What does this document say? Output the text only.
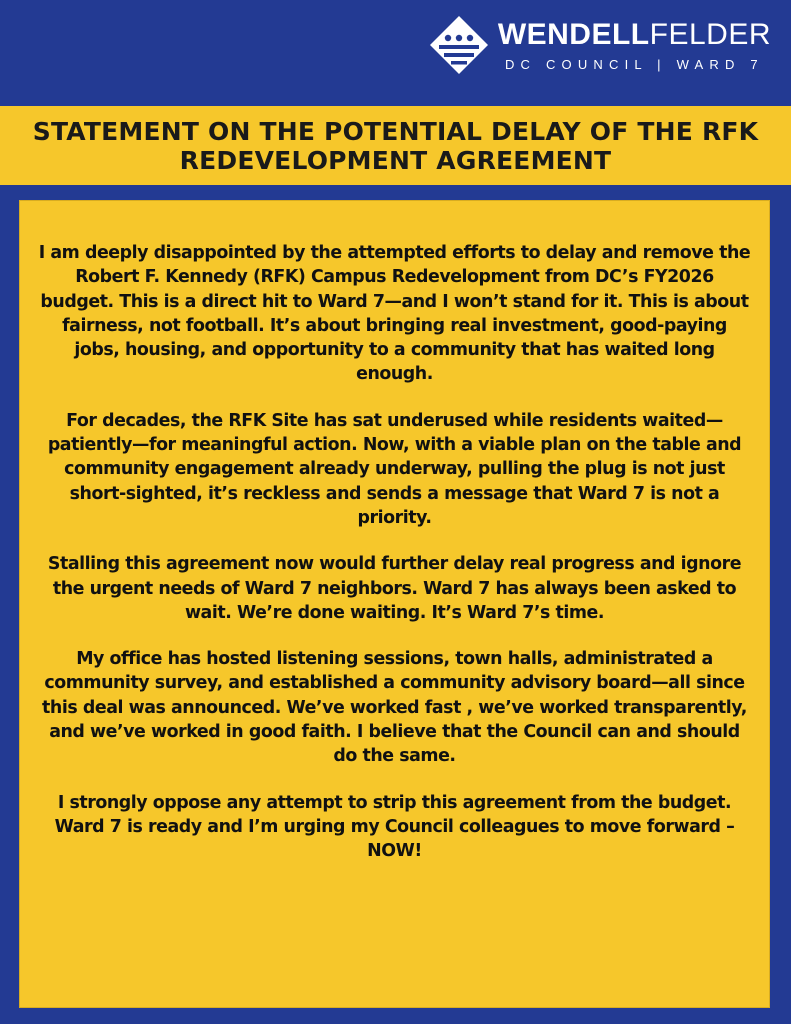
WENDELLFELDER
DC COUNCIL | WARD 7
STATEMENT ON THE POTENTIAL DELAY OF THE RFK REDEVELOPMENT AGREEMENT

I am deeply disappointed by the attempted efforts to delay and remove the Robert F. Kennedy (RFK) Campus Redevelopment from DC’s FY2026 budget. This is a direct hit to Ward 7—and I won’t stand for it. This is about fairness, not football. It’s about bringing real investment, good-paying jobs, housing, and opportunity to a community that has waited long enough.

For decades, the RFK Site has sat underused while residents waited—patiently—for meaningful action. Now, with a viable plan on the table and community engagement already underway, pulling the plug is not just short-sighted, it’s reckless and sends a message that Ward 7 is not a priority.

Stalling this agreement now would further delay real progress and ignore the urgent needs of Ward 7 neighbors. Ward 7 has always been asked to wait. We’re done waiting. It’s Ward 7’s time.

My office has hosted listening sessions, town halls, administrated a community survey, and established a community advisory board—all since this deal was announced. We’ve worked fast , we’ve worked transparently, and we’ve worked in good faith. I believe that the Council can and should do the same.

I strongly oppose any attempt to strip this agreement from the budget. Ward 7 is ready and I’m urging my Council colleagues to move forward – NOW!
